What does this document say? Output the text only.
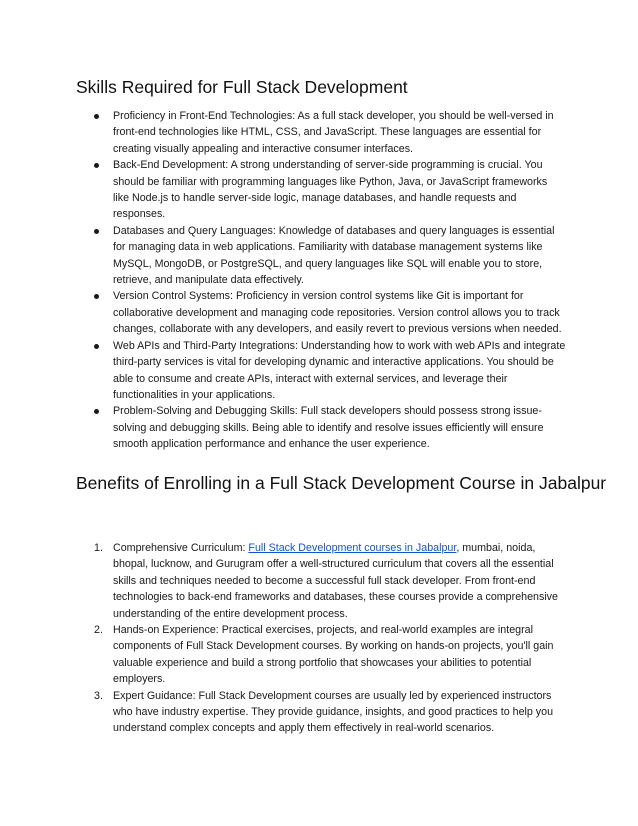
Skills Required for Full Stack Development
Proficiency in Front-End Technologies: As a full stack developer, you should be well-versed in front-end technologies like HTML, CSS, and JavaScript. These languages are essential for creating visually appealing and interactive consumer interfaces.
Back-End Development: A strong understanding of server-side programming is crucial. You should be familiar with programming languages like Python, Java, or JavaScript frameworks like Node.js to handle server-side logic, manage databases, and handle requests and responses.
Databases and Query Languages: Knowledge of databases and query languages is essential for managing data in web applications. Familiarity with database management systems like MySQL, MongoDB, or PostgreSQL, and query languages like SQL will enable you to store, retrieve, and manipulate data effectively.
Version Control Systems: Proficiency in version control systems like Git is important for collaborative development and managing code repositories. Version control allows you to track changes, collaborate with any developers, and easily revert to previous versions when needed.
Web APIs and Third-Party Integrations: Understanding how to work with web APIs and integrate third-party services is vital for developing dynamic and interactive applications. You should be able to consume and create APIs, interact with external services, and leverage their functionalities in your applications.
Problem-Solving and Debugging Skills: Full stack developers should possess strong issue-solving and debugging skills. Being able to identify and resolve issues efficiently will ensure smooth application performance and enhance the user experience.
Benefits of Enrolling in a Full Stack Development Course in Jabalpur
1. Comprehensive Curriculum: Full Stack Development courses in Jabalpur, mumbai, noida, bhopal, lucknow, and Gurugram offer a well-structured curriculum that covers all the essential skills and techniques needed to become a successful full stack developer. From front-end technologies to back-end frameworks and databases, these courses provide a comprehensive understanding of the entire development process.
2. Hands-on Experience: Practical exercises, projects, and real-world examples are integral components of Full Stack Development courses. By working on hands-on projects, you'll gain valuable experience and build a strong portfolio that showcases your abilities to potential employers.
3. Expert Guidance: Full Stack Development courses are usually led by experienced instructors who have industry expertise. They provide guidance, insights, and good practices to help you understand complex concepts and apply them effectively in real-world scenarios.
